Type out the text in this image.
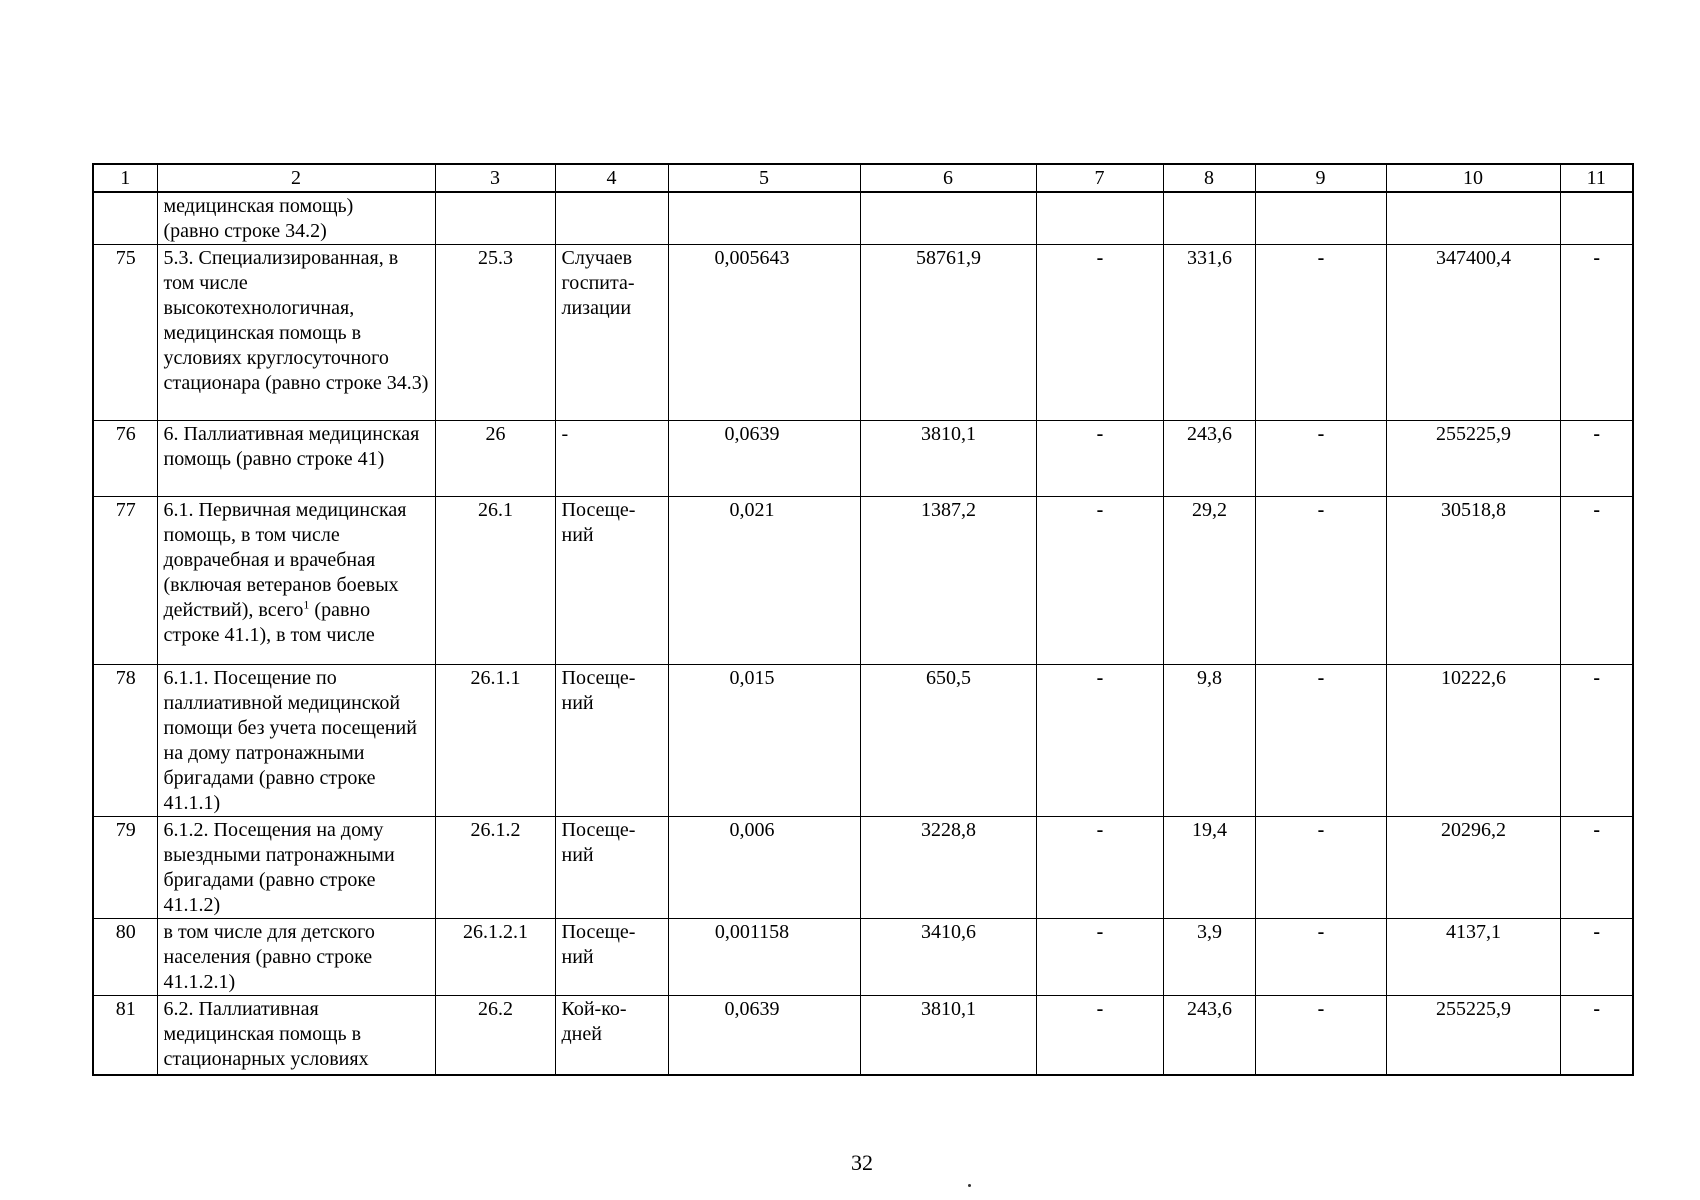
1	2	3	4	5	6	7	8	9	10	11
	медицинская помощь)
(равно строке 34.2)									
75	5.3. Специализированная, в том числе высокотехнологичная, медицинская помощь в условиях круглосуточного стационара (равно строке 34.3)	25.3	Случаев госпита-лизации	0,005643	58761,9	-	331,6	-	347400,4	-
76	6. Паллиативная медицинская помощь (равно строке 41)	26	-	0,0639	3810,1	-	243,6	-	255225,9	-
77	6.1. Первичная медицинская помощь, в том числе доврачебная и врачебная (включая ветеранов боевых действий), всего$^1$ (равно строке 41.1), в том числе	26.1	Посеще-ний	0,021	1387,2	-	29,2	-	30518,8	-
78	6.1.1. Посещение по паллиативной медицинской помощи без учета посещений на дому патронажными бригадами (равно строке 41.1.1)	26.1.1	Посеще-ний	0,015	650,5	-	9,8	-	10222,6	-
79	6.1.2. Посещения на дому выездными патронажными бригадами (равно строке 41.1.2)	26.1.2	Посеще-ний	0,006	3228,8	-	19,4	-	20296,2	-
80	в том числе для детского населения (равно строке 41.1.2.1)	26.1.2.1	Посеще-ний	0,001158	3410,6	-	3,9	-	4137,1	-
81	6.2. Паллиативная медицинская помощь в стационарных условиях	26.2	Кой-ко-дней	0,0639	3810,1	-	243,6	-	255225,9	-
32
